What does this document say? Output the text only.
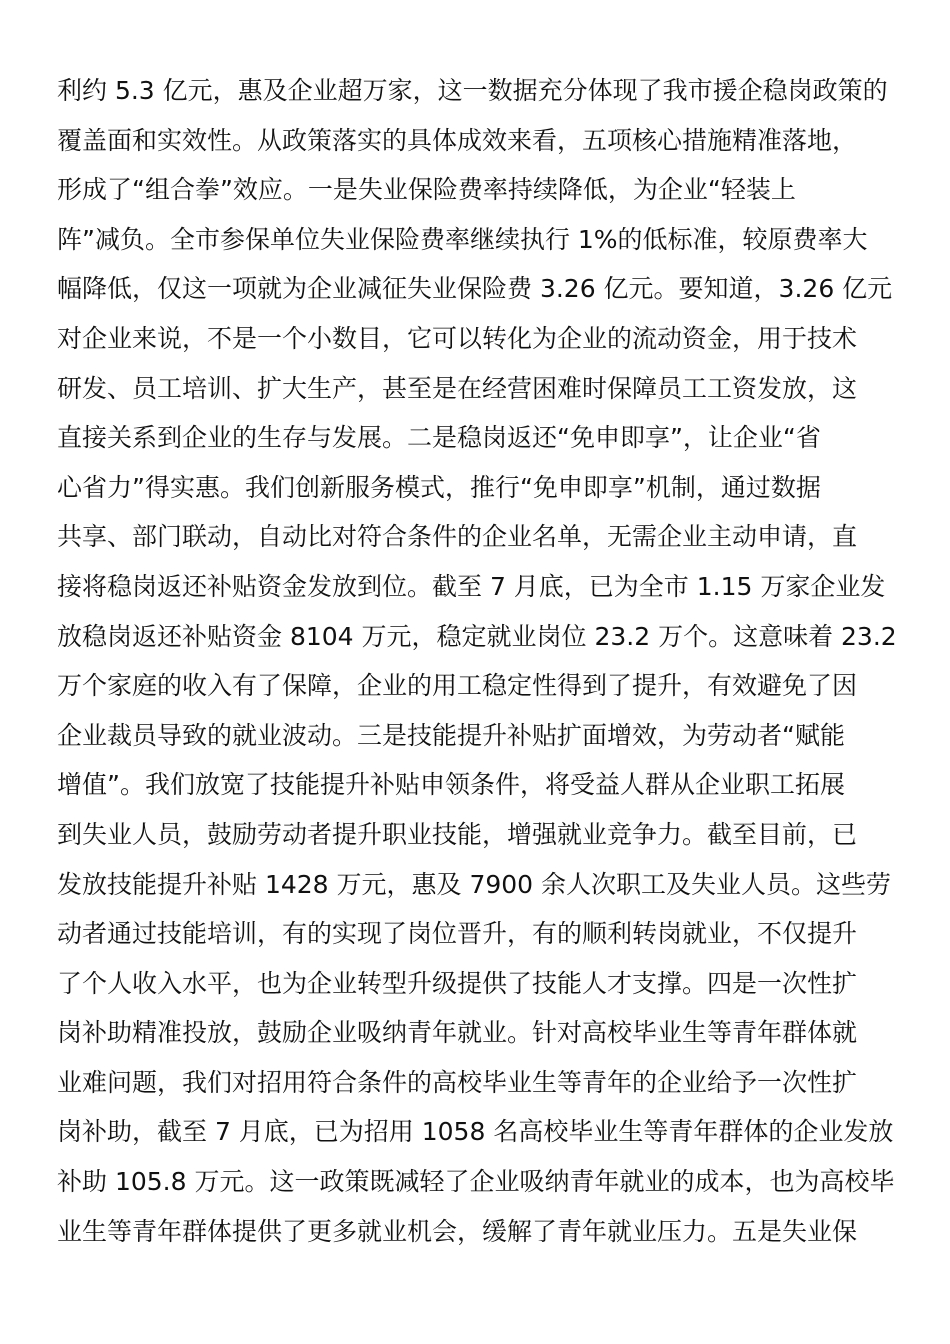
利约 5.3 亿元，惠及企业超万家，这一数据充分体现了我市援企稳岗政策的
覆盖面和实效性。从政策落实的具体成效来看，五项核心措施精准落地，
形成了“组合拳”效应。一是失业保险费率持续降低，为企业“轻装上
阵”减负。全市参保单位失业保险费率继续执行 1%的低标准，较原费率大
幅降低，仅这一项就为企业减征失业保险费 3.26 亿元。要知道，3.26 亿元
对企业来说，不是一个小数目，它可以转化为企业的流动资金，用于技术
研发、员工培训、扩大生产，甚至是在经营困难时保障员工工资发放，这
直接关系到企业的生存与发展。二是稳岗返还“免申即享”，让企业“省
心省力”得实惠。我们创新服务模式，推行“免申即享”机制，通过数据
共享、部门联动，自动比对符合条件的企业名单，无需企业主动申请，直
接将稳岗返还补贴资金发放到位。截至 7 月底，已为全市 1.15 万家企业发
放稳岗返还补贴资金 8104 万元，稳定就业岗位 23.2 万个。这意味着 23.2
万个家庭的收入有了保障，企业的用工稳定性得到了提升，有效避免了因
企业裁员导致的就业波动。三是技能提升补贴扩面增效，为劳动者“赋能
增值”。我们放宽了技能提升补贴申领条件，将受益人群从企业职工拓展
到失业人员，鼓励劳动者提升职业技能，增强就业竞争力。截至目前，已
发放技能提升补贴 1428 万元，惠及 7900 余人次职工及失业人员。这些劳
动者通过技能培训，有的实现了岗位晋升，有的顺利转岗就业，不仅提升
了个人收入水平，也为企业转型升级提供了技能人才支撑。四是一次性扩
岗补助精准投放，鼓励企业吸纳青年就业。针对高校毕业生等青年群体就
业难问题，我们对招用符合条件的高校毕业生等青年的企业给予一次性扩
岗补助，截至 7 月底，已为招用 1058 名高校毕业生等青年群体的企业发放
补助 105.8 万元。这一政策既减轻了企业吸纳青年就业的成本，也为高校毕
业生等青年群体提供了更多就业机会，缓解了青年就业压力。五是失业保
